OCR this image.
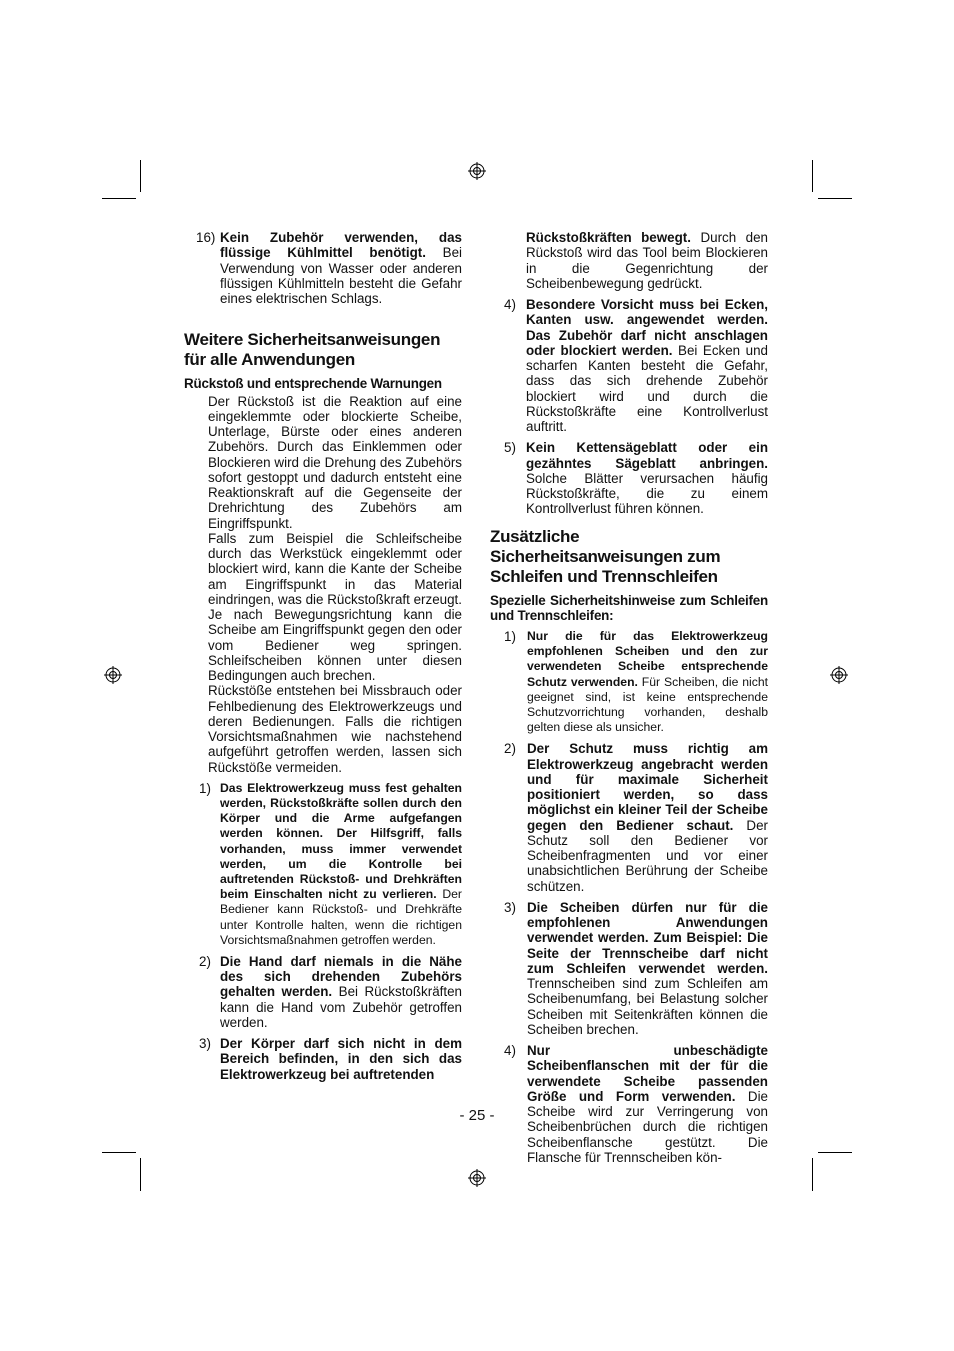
16) Kein Zubehör verwenden, das flüssige Kühlmittel benötigt. Bei Verwendung von Wasser oder anderen flüssigen Kühlmitteln besteht die Gefahr eines elektrischen Schlags.
Weitere Sicherheitsanweisungen für alle Anwendungen
Rückstoß und entsprechende Warnungen
Der Rückstoß ist die Reaktion auf eine eingeklemmte oder blockierte Scheibe, Unterlage, Bürste oder eines anderen Zubehörs. Durch das Einklemmen oder Blockieren wird die Drehung des Zubehörs sofort gestoppt und dadurch entsteht eine Reaktionskraft auf die Gegenseite der Drehrichtung des Zubehörs am Eingriffspunkt.
Falls zum Beispiel die Schleifscheibe durch das Werkstück eingeklemmt oder blockiert wird, kann die Kante der Scheibe am Eingriffspunkt in das Material eindringen, was die Rückstoßkraft erzeugt. Je nach Bewegungsrichtung kann die Scheibe am Eingriffspunkt gegen den oder vom Bediener weg springen. Schleifscheiben können unter diesen Bedingungen auch brechen.
Rückstöße entstehen bei Missbrauch oder Fehlbedienung des Elektrowerkzeugs und deren Bedienungen. Falls die richtigen Vorsichtsmaßnahmen wie nachstehend aufgeführt getroffen werden, lassen sich Rückstöße vermeiden.
1) Das Elektrowerkzeug muss fest gehalten werden, Rückstoßkräfte sollen durch den Körper und die Arme aufgefangen werden können. Der Hilfsgriff, falls vorhanden, muss immer verwendet werden, um die Kontrolle bei auftretenden Rückstoß- und Drehkräften beim Einschalten nicht zu verlieren. Der Bediener kann Rückstoß- und Drehkräfte unter Kontrolle halten, wenn die richtigen Vorsichtsmaßnahmen getroffen werden.
2) Die Hand darf niemals in die Nähe des sich drehenden Zubehörs gehalten werden. Bei Rückstoßkräften kann die Hand vom Zubehör getroffen werden.
3) Der Körper darf sich nicht in dem Bereich befinden, in den sich das Elektrowerkzeug bei auftretenden
Rückstoßkräften bewegt. Durch den Rückstoß wird das Tool beim Blockieren in die Gegenrichtung der Scheibenbewegung gedrückt.
4) Besondere Vorsicht muss bei Ecken, Kanten usw. angewendet werden. Das Zubehör darf nicht anschlagen oder blockiert werden. Bei Ecken und scharfen Kanten besteht die Gefahr, dass das sich drehende Zubehör blockiert wird und durch die Rückstoßkräfte eine Kontrollverlust auftritt.
5) Kein Kettensägeblatt oder ein gezähntes Sägeblatt anbringen. Solche Blätter verursachen häufig Rückstoßkräfte, die zu einem Kontrollverlust führen können.
Zusätzliche Sicherheitsanweisungen zum Schleifen und Trennschleifen
Spezielle Sicherheitshinweise zum Schleifen und Trennschleifen:
1) Nur die für das Elektrowerkzeug empfohlenen Scheiben und den zur verwendeten Scheibe entsprechende Schutz verwenden. Für Scheiben, die nicht geeignet sind, ist keine entsprechende Schutzvorrichtung vorhanden, deshalb gelten diese als unsicher.
2) Der Schutz muss richtig am Elektrowerkzeug angebracht werden und für maximale Sicherheit positioniert werden, so dass möglichst ein kleiner Teil der Scheibe gegen den Bediener schaut. Der Schutz soll den Bediener vor Scheibenfragmenten und vor einer unabsichtlichen Berührung der Scheibe schützen.
3) Die Scheiben dürfen nur für die empfohlenen Anwendungen verwendet werden. Zum Beispiel: Die Seite der Trennscheibe darf nicht zum Schleifen verwendet werden. Trennscheiben sind zum Schleifen am Scheibenumfang, bei Belastung solcher Scheiben mit Seitenkräften können die Scheiben brechen.
4) Nur unbeschädigte Scheibenflanschen mit der für die verwendete Scheibe passenden Größe und Form verwenden. Die Scheibe wird zur Verringerung von Scheibenbrüchen durch die richtigen Scheibenflansche gestützt. Die Flansche für Trennscheiben kön-
- 25 -
